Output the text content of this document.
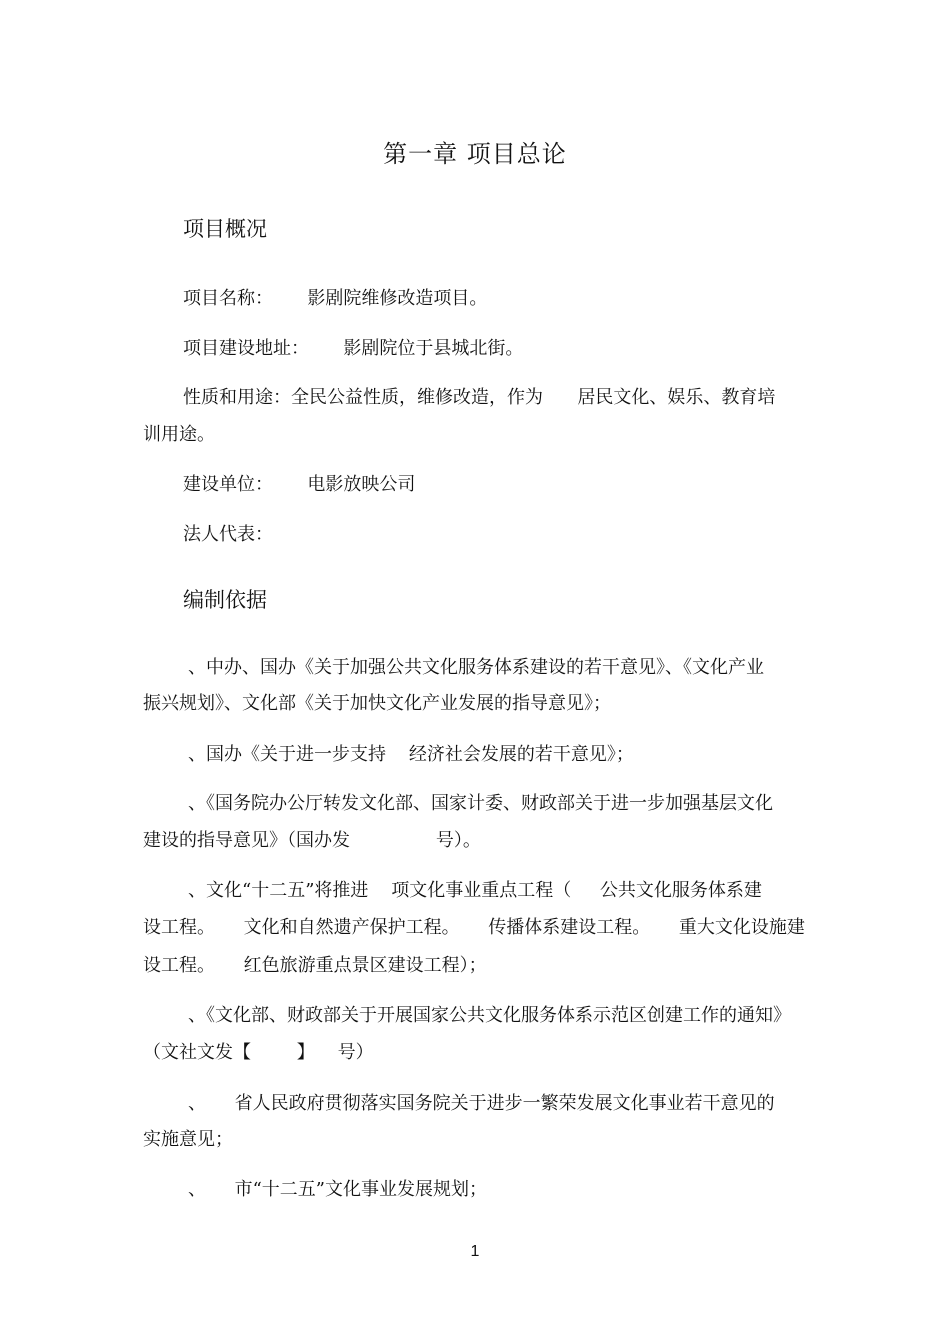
第一章 项目总论
项目概况
项目名称：      影剧院维修改造项目。
项目建设地址：      影剧院位于县城北街。
性质和用途：全民公益性质，维修改造，作为      居民文化、娱乐、教育培
训用途。
建设单位：      电影放映公司
法人代表：
编制依据
、中办、国办《关于加强公共文化服务体系建设的若干意见》、《文化产业
振兴规划》、文化部《关于加快文化产业发展的指导意见》；
、国办《关于进一步支持    经济社会发展的若干意见》；
、《国务院办公厅转发文化部、国家计委、财政部关于进一步加强基层文化
建设的指导意见》（国办发               号）。
、文化“十二五”将推进    项文化事业重点工程（     公共文化服务体系建
设工程。     文化和自然遗产保护工程。     传播体系建设工程。     重大文化设施建
设工程。     红色旅游重点景区建设工程）；
、《文化部、财政部关于开展国家公共文化服务体系示范区创建工作的通知》
（文社文发【        】    号）
、     省人民政府贯彻落实国务院关于进步一繁荣发展文化事业若干意见的
实施意见；
、     市“十二五”文化事业发展规划；
1
